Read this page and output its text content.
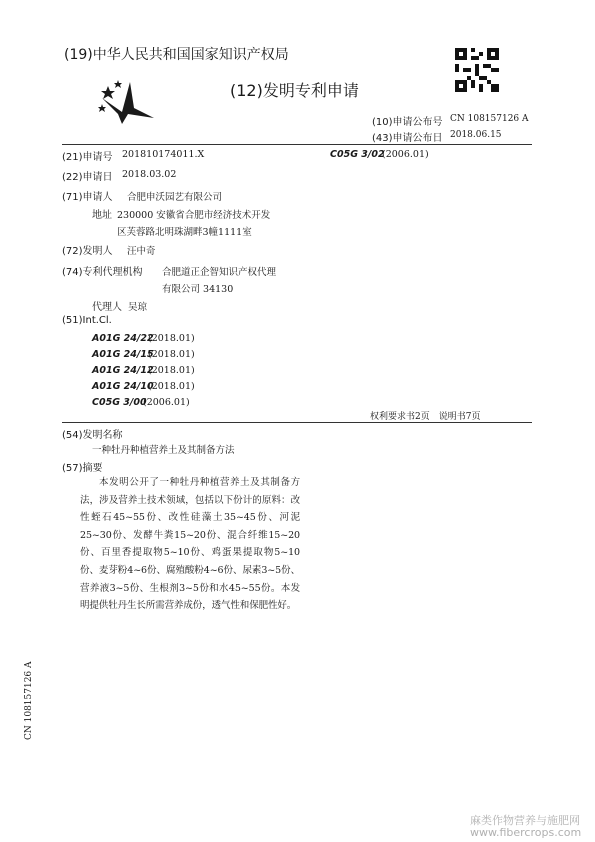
(19)中华人民共和国国家知识产权局
(12)发明专利申请
(10)申请公布号 CN 108157126 A
(43)申请公布日 2018.06.15
(21)申请号 201810174011.X	C05G 3/02
(2006.01)
(22)申请日 2018.03.02
(71)申请人 合肥申沃园艺有限公司
地址 230000 安徽省合肥市经济技术开发
区芙蓉路北明珠湖畔3幢1111室
(72)发明人 汪中奇
(74)专利代理机构 合肥道正企智知识产权代理
有限公司 34130
代理人 吴琼
(51)Int.Cl.
A01G 24/22
(2018.01)
A01G 24/15
(2018.01)
A01G 24/12
(2018.01)
A01G 24/10
(2018.01)
C05G 3/00
(2006.01)
权利要求书2页　说明书7页
(54)发明名称
一种牡丹种植营养土及其制备方法
(57)摘要
本发明公开了一种牡丹种植营养土及其制备方法，涉及营养土技术领域，包括以下份计的原料：改性蛭石45~55份、改性硅藻土35~45份、河泥25~30份、发酵牛粪15~20份、混合纤维15~20份、百里香提取物5~10份、鸡蛋果提取物5~10份、麦芽粉4~6份、腐殖酸粉4~6份、尿素3~5份、营养液3~5份、生根剂3~5份和水45~55份。本发明提供牡丹生长所需营养成份，透气性和保肥性好。
CN 108157126 A
麻类作物营养与施肥网
www.fibercrops.com
